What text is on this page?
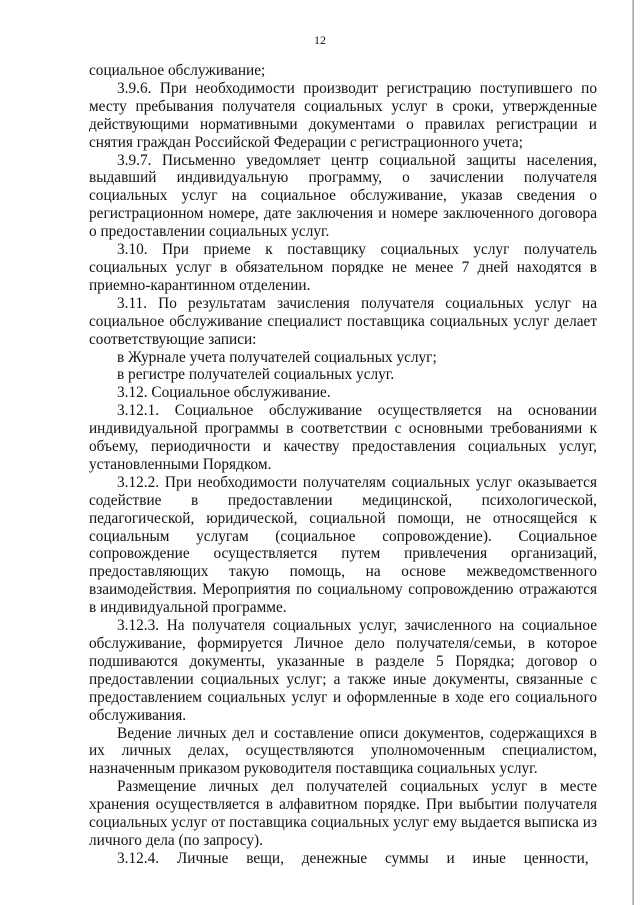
12

социальное обслуживание;

3.9.6. При необходимости производит регистрацию поступившего по месту пребывания получателя социальных услуг в сроки, утвержденные действующими нормативными документами о правилах регистрации и снятия граждан Российской Федерации с регистрационного учета;

3.9.7. Письменно уведомляет центр социальной защиты населения, выдавший индивидуальную программу, о зачислении получателя социальных услуг на социальное обслуживание, указав сведения о регистрационном номере, дате заключения и номере заключенного договора о предоставлении социальных услуг.

3.10. При приеме к поставщику социальных услуг получатель социальных услуг в обязательном порядке не менее 7 дней находятся в приемно-карантинном отделении.

3.11. По результатам зачисления получателя социальных услуг на социальное обслуживание специалист поставщика социальных услуг делает соответствующие записи:

в Журнале учета получателей социальных услуг;

в регистре получателей социальных услуг.

3.12. Социальное обслуживание.

3.12.1. Социальное обслуживание осуществляется на основании индивидуальной программы в соответствии с основными требованиями к объему, периодичности и качеству предоставления социальных услуг, установленными Порядком.

3.12.2. При необходимости получателям социальных услуг оказывается содействие в предоставлении медицинской, психологической, педагогической, юридической, социальной помощи, не относящейся к социальным услугам (социальное сопровождение). Социальное сопровождение осуществляется путем привлечения организаций, предоставляющих такую помощь, на основе межведомственного взаимодействия. Мероприятия по социальному сопровождению отражаются в индивидуальной программе.

3.12.3. На получателя социальных услуг, зачисленного на социальное обслуживание, формируется Личное дело получателя/семьи, в которое подшиваются документы, указанные в разделе 5 Порядка; договор о предоставлении социальных услуг; а также иные документы, связанные с предоставлением социальных услуг и оформленные в ходе его социального обслуживания.

Ведение личных дел и составление описи документов, содержащихся в их личных делах, осуществляются уполномоченным специалистом, назначенным приказом руководителя поставщика социальных услуг.

Размещение личных дел получателей социальных услуг в месте хранения осуществляется в алфавитном порядке. При выбытии получателя социальных услуг от поставщика социальных услуг ему выдается выписка из личного дела (по запросу).

3.12.4. Личные вещи, денежные суммы и иные ценности,
